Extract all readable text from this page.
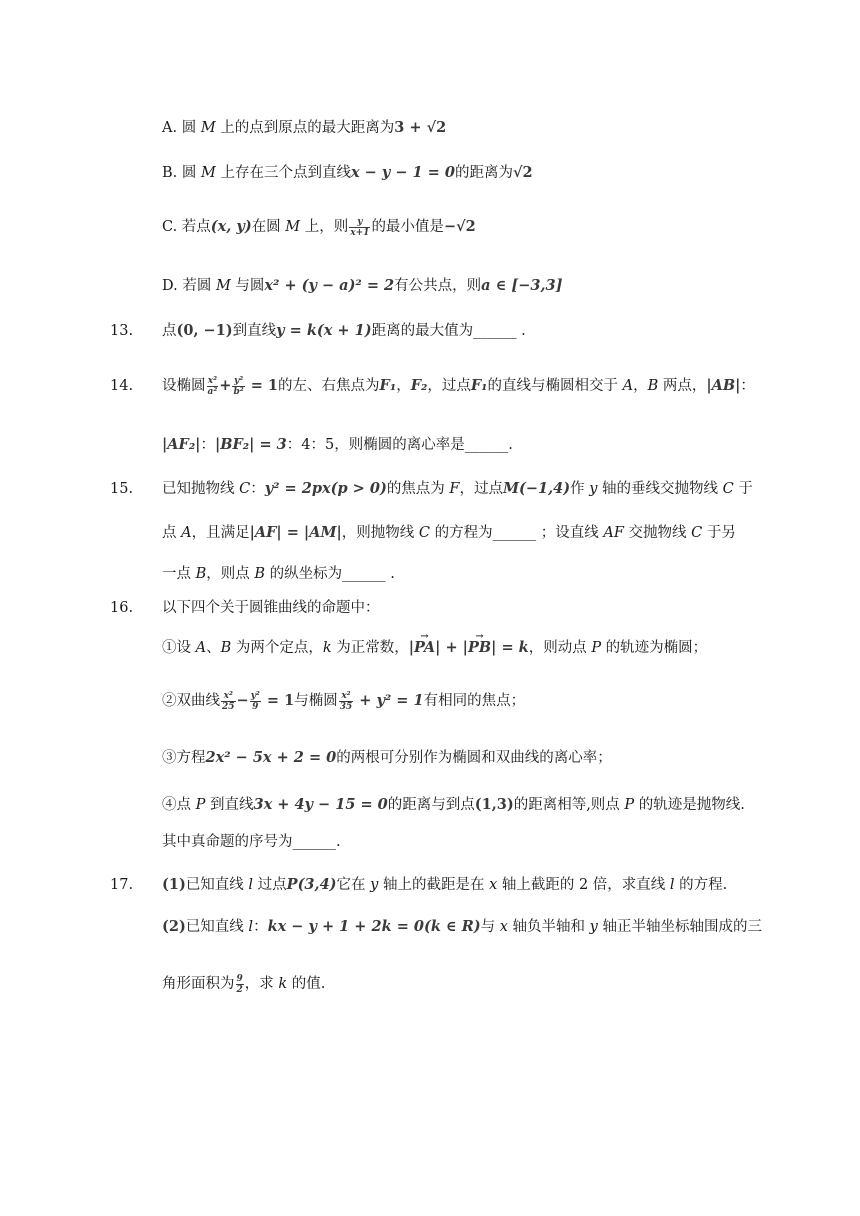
A. 圆 M 上的点到原点的最大距离为3 + √2
B. 圆 M 上存在三个点到直线x − y − 1 = 0的距离为√2
C. 若点(x, y)在圆 M 上，则 $\frac{y}{x+1}$ 的最小值是−√2
D. 若圆 M 与圆x² + (y − a)² = 2有公共点，则a ∈ [−3,3]
13. 点(0, −1)到直线y = k(x + 1)距离的最大值为______ .
14. 设椭圆 $\frac{\text{x²}}{\text{a²}} + \frac{\text{y²}}{\text{b²}} = 1$的左、右焦点为F₁，F₂，过点F₁的直线与椭圆相交于 A，B 两点，|AB|：
|AF₂|：|BF₂| = 3：4：5，则椭圆的离心率是______.
15. 已知抛物线 C：y² = 2px(p > 0)的焦点为 F，过点M(−1,4)作 y 轴的垂线交抛物线 C 于
点 A，且满足|AF| = |AM|，则抛物线 C 的方程为______ ；设直线 AF 交抛物线 C 于另
一点 B，则点 B 的纵坐标为______ .
16. 以下四个关于圆锥曲线的命题中：
①设 A、B 为两个定点，k 为正常数，|→ PA| + |→ PB| = k，则动点 P 的轨迹为椭圆；
②双曲线 $\frac{\text{x²}}{25} - \frac{\text{y²}}{9} = 1$与椭圆 $\frac{\text{x²}}{35} + y^2 = 1$有相同的焦点；
③方程2x² − 5x + 2 = 0的两根可分别作为椭圆和双曲线的离心率；
④点 P 到直线3x + 4y − 15 = 0的距离与到点(1,3)的距离相等,则点 P 的轨迹是抛物线.
其中真命题的序号为______.
17. (1)已知直线 l 过点P(3,4)它在 y 轴上的截距是在 x 轴上截距的 2 倍，求直线 l 的方程.
(2)已知直线 l：kx − y + 1 + 2k = 0(k ∈ R)与 x 轴负半轴和 y 轴正半轴坐标轴围成的三
角形面积为 $\frac{9}{2}$ ，求 k 的值.
